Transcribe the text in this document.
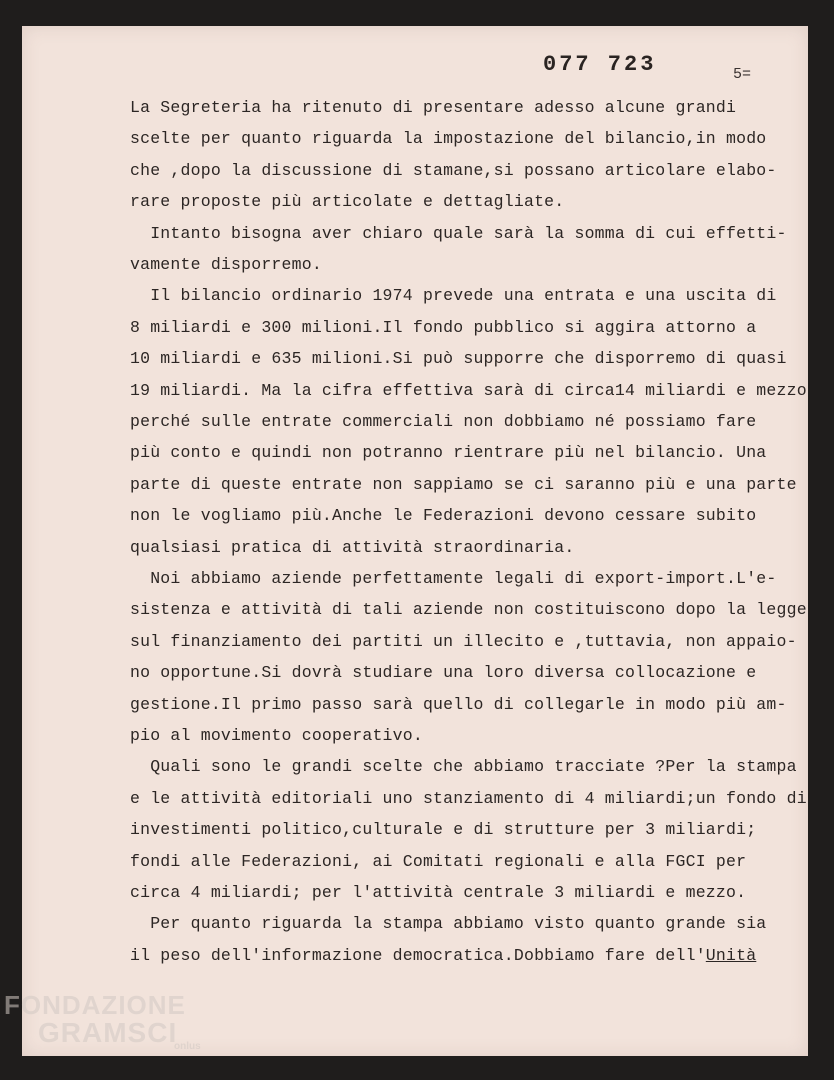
077 723	5=
La Segreteria ha ritenuto di presentare adesso alcune grandi
scelte per quanto riguarda la impostazione del bilancio,in modo
che ,dopo la discussione di stamane,si possano articolare elabo-
rare proposte più articolate e dettagliate.
Intanto bisogna aver chiaro quale sarà la somma di cui effetti-
vamente disporremo.
Il bilancio ordinario 1974 prevede una entrata e una uscita di
8 miliardi e 300 milioni.Il fondo pubblico si aggira attorno a
10 miliardi e 635 milioni.Si può supporre che disporremo di quasi
19 miliardi. Ma la cifra effettiva sarà di circa14 miliardi e mezzo
perché sulle entrate commerciali non dobbiamo né possiamo fare
più conto e quindi non potranno rientrare più nel bilancio. Una
parte di queste entrate non sappiamo se ci saranno più e una parte
non le vogliamo più.Anche le Federazioni devono cessare subito
qualsiasi pratica di attività straordinaria.
Noi abbiamo aziende perfettamente legali di export-import.L'e-
sistenza e attività di tali aziende non costituiscono dopo la legge
sul finanziamento dei partiti un illecito e ,tuttavia, non appaio-
no opportune.Si dovrà studiare una loro diversa collocazione e
gestione.Il primo passo sarà quello di collegarle in modo più am-
pio al movimento cooperativo.
Quali sono le grandi scelte che abbiamo tracciate ?Per la stampa
e le attività editoriali uno stanziamento di 4 miliardi;un fondo di
investimenti politico,culturale e di strutture per 3 miliardi;
fondi alle Federazioni, ai Comitati regionali e alla FGCI per
circa 4 miliardi; per l'attività centrale 3 miliardi e mezzo.
Per quanto riguarda la stampa abbiamo visto quanto grande sia
il peso dell'informazione democratica.Dobbiamo fare dell'Unità
FONDAZIONE
GRAMSCI
onlus
